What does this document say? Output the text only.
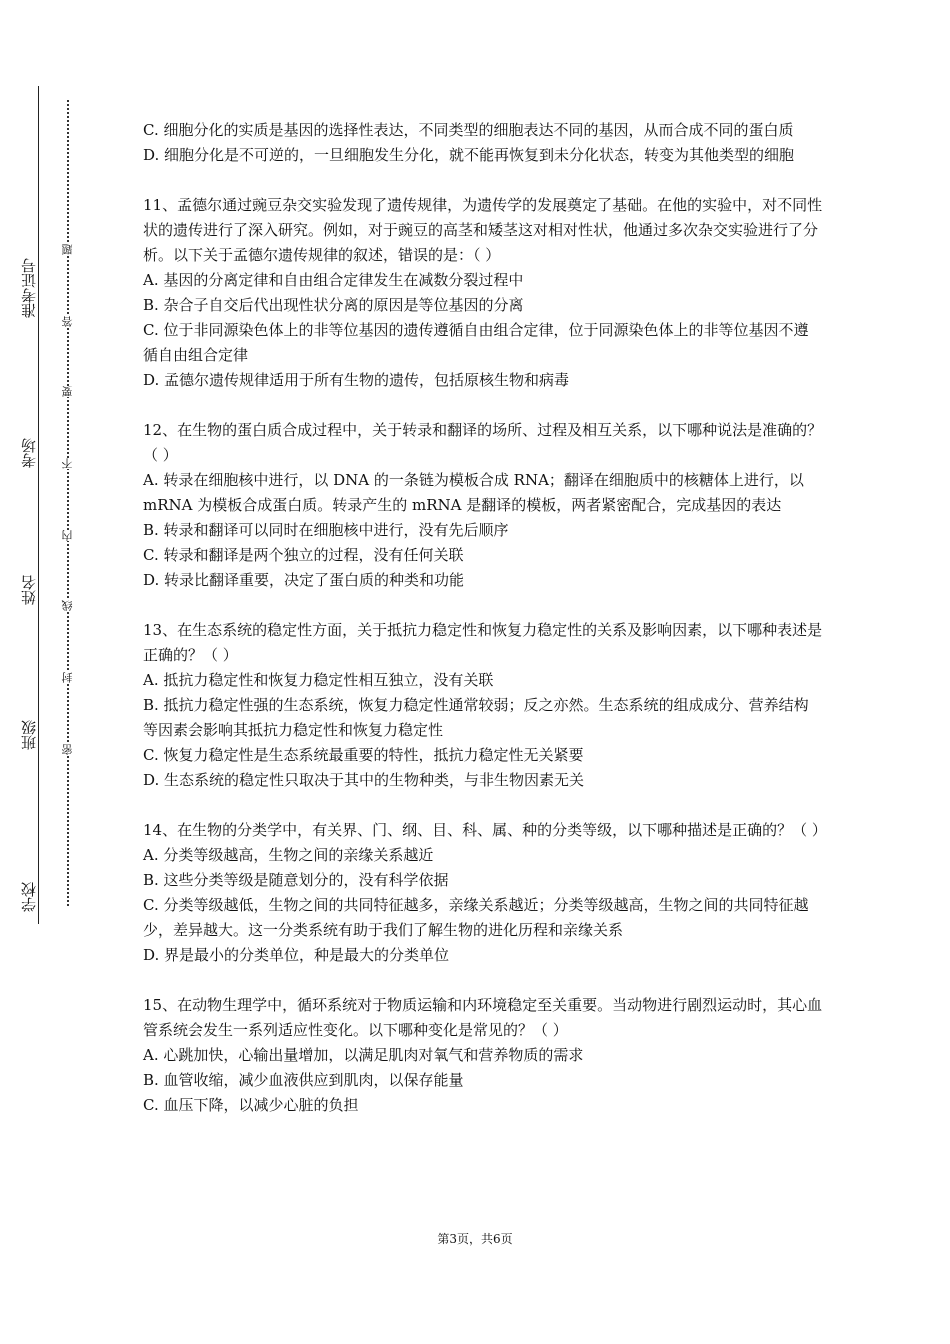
准考证号
考场
姓名
班级
学校
题
答
要
不
内
线
封
密

C. 细胞分化的实质是基因的选择性表达，不同类型的细胞表达不同的基因，从而合成不同的蛋白质

D. 细胞分化是不可逆的，一旦细胞发生分化，就不能再恢复到未分化状态，转变为其他类型的细胞

11、孟德尔通过豌豆杂交实验发现了遗传规律，为遗传学的发展奠定了基础。在他的实验中，对不同性状的遗传进行了深入研究。例如，对于豌豆的高茎和矮茎这对相对性状，他通过多次杂交实验进行了分析。以下关于孟德尔遗传规律的叙述，错误的是：（ ）

A. 基因的分离定律和自由组合定律发生在减数分裂过程中

B. 杂合子自交后代出现性状分离的原因是等位基因的分离

C. 位于非同源染色体上的非等位基因的遗传遵循自由组合定律，位于同源染色体上的非等位基因不遵循自由组合定律

D. 孟德尔遗传规律适用于所有生物的遗传，包括原核生物和病毒

12、在生物的蛋白质合成过程中，关于转录和翻译的场所、过程及相互关系，以下哪种说法是准确的？（ ）

A. 转录在细胞核中进行，以 DNA 的一条链为模板合成 RNA；翻译在细胞质中的核糖体上进行，以 mRNA 为模板合成蛋白质。转录产生的 mRNA 是翻译的模板，两者紧密配合，完成基因的表达

B. 转录和翻译可以同时在细胞核中进行，没有先后顺序

C. 转录和翻译是两个独立的过程，没有任何关联

D. 转录比翻译重要，决定了蛋白质的种类和功能

13、在生态系统的稳定性方面，关于抵抗力稳定性和恢复力稳定性的关系及影响因素，以下哪种表述是正确的？（ ）

A. 抵抗力稳定性和恢复力稳定性相互独立，没有关联

B. 抵抗力稳定性强的生态系统，恢复力稳定性通常较弱；反之亦然。生态系统的组成成分、营养结构等因素会影响其抵抗力稳定性和恢复力稳定性

C. 恢复力稳定性是生态系统最重要的特性，抵抗力稳定性无关紧要

D. 生态系统的稳定性只取决于其中的生物种类，与非生物因素无关

14、在生物的分类学中，有关界、门、纲、目、科、属、种的分类等级，以下哪种描述是正确的？（ ）

A. 分类等级越高，生物之间的亲缘关系越近

B. 这些分类等级是随意划分的，没有科学依据

C. 分类等级越低，生物之间的共同特征越多，亲缘关系越近；分类等级越高，生物之间的共同特征越少，差异越大。这一分类系统有助于我们了解生物的进化历程和亲缘关系

D. 界是最小的分类单位，种是最大的分类单位

15、在动物生理学中，循环系统对于物质运输和内环境稳定至关重要。当动物进行剧烈运动时，其心血管系统会发生一系列适应性变化。以下哪种变化是常见的？（ ）

A. 心跳加快，心输出量增加，以满足肌肉对氧气和营养物质的需求

B. 血管收缩，减少血液供应到肌肉，以保存能量

C. 血压下降，以减少心脏的负担

第3页，共6页
